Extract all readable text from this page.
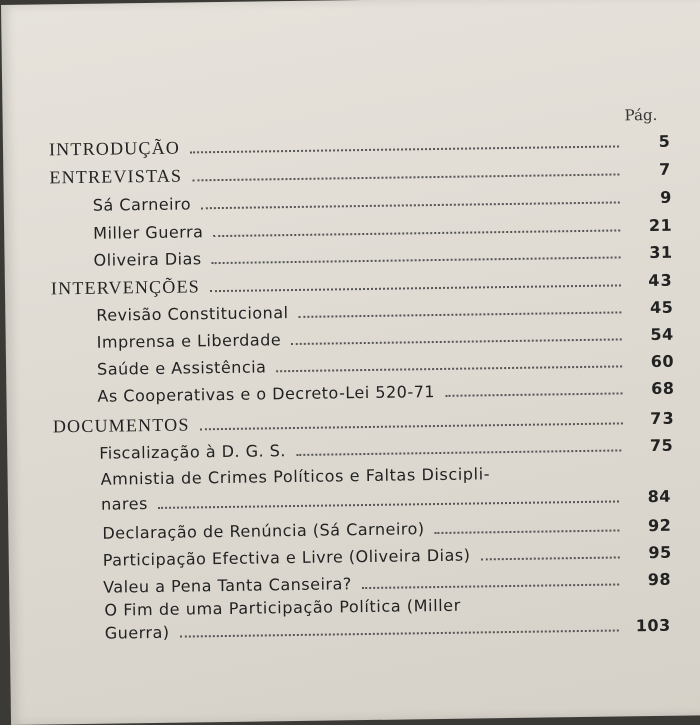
Pág.
INTRODUÇÃO	5
ENTREVISTAS	7
Sá Carneiro	9
Miller Guerra	21
Oliveira Dias	31
INTERVENÇÕES	43
Revisão Constitucional	45
Imprensa e Liberdade	54
Saúde e Assistência	60
As Cooperativas e o Decreto-Lei 520-71	68
DOCUMENTOS	73
Fiscalização à D. G. S.	75
Amnistia de Crimes Políticos e Faltas Discipli-
nares	84
Declaração de Renúncia (Sá Carneiro)	92
Participação Efectiva e Livre (Oliveira Dias)	95
Valeu a Pena Tanta Canseira?	98
O Fim de uma Participação Política (Miller
Guerra)	103
